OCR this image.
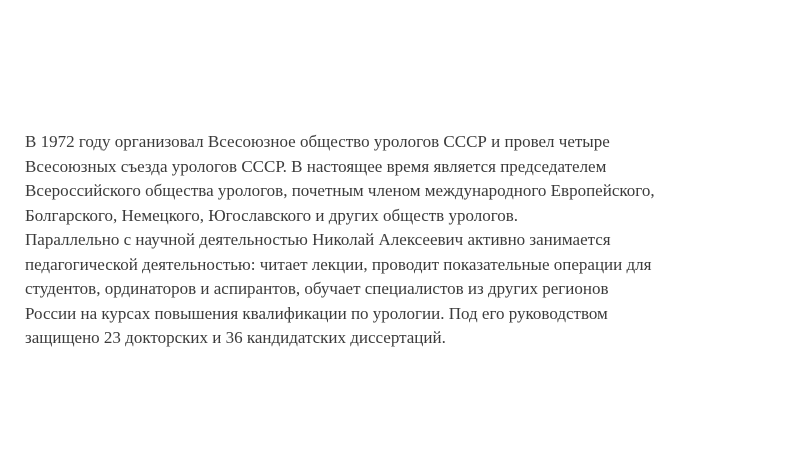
В 1972 году организовал Всесоюзное общество урологов СССР и провел четыре
Всесоюзных съезда урологов СССР. В настоящее время является председателем
Всероссийского общества урологов, почетным членом международного Европейского,
Болгарского, Немецкого, Югославского и других обществ урологов.
Параллельно с научной деятельностью Николай Алексеевич активно занимается
педагогической деятельностью: читает лекции, проводит показательные операции для
студентов, ординаторов и аспирантов, обучает специалистов из других регионов
России на курсах повышения квалификации по урологии. Под его руководством
защищено 23 докторских и 36 кандидатских диссертаций.
